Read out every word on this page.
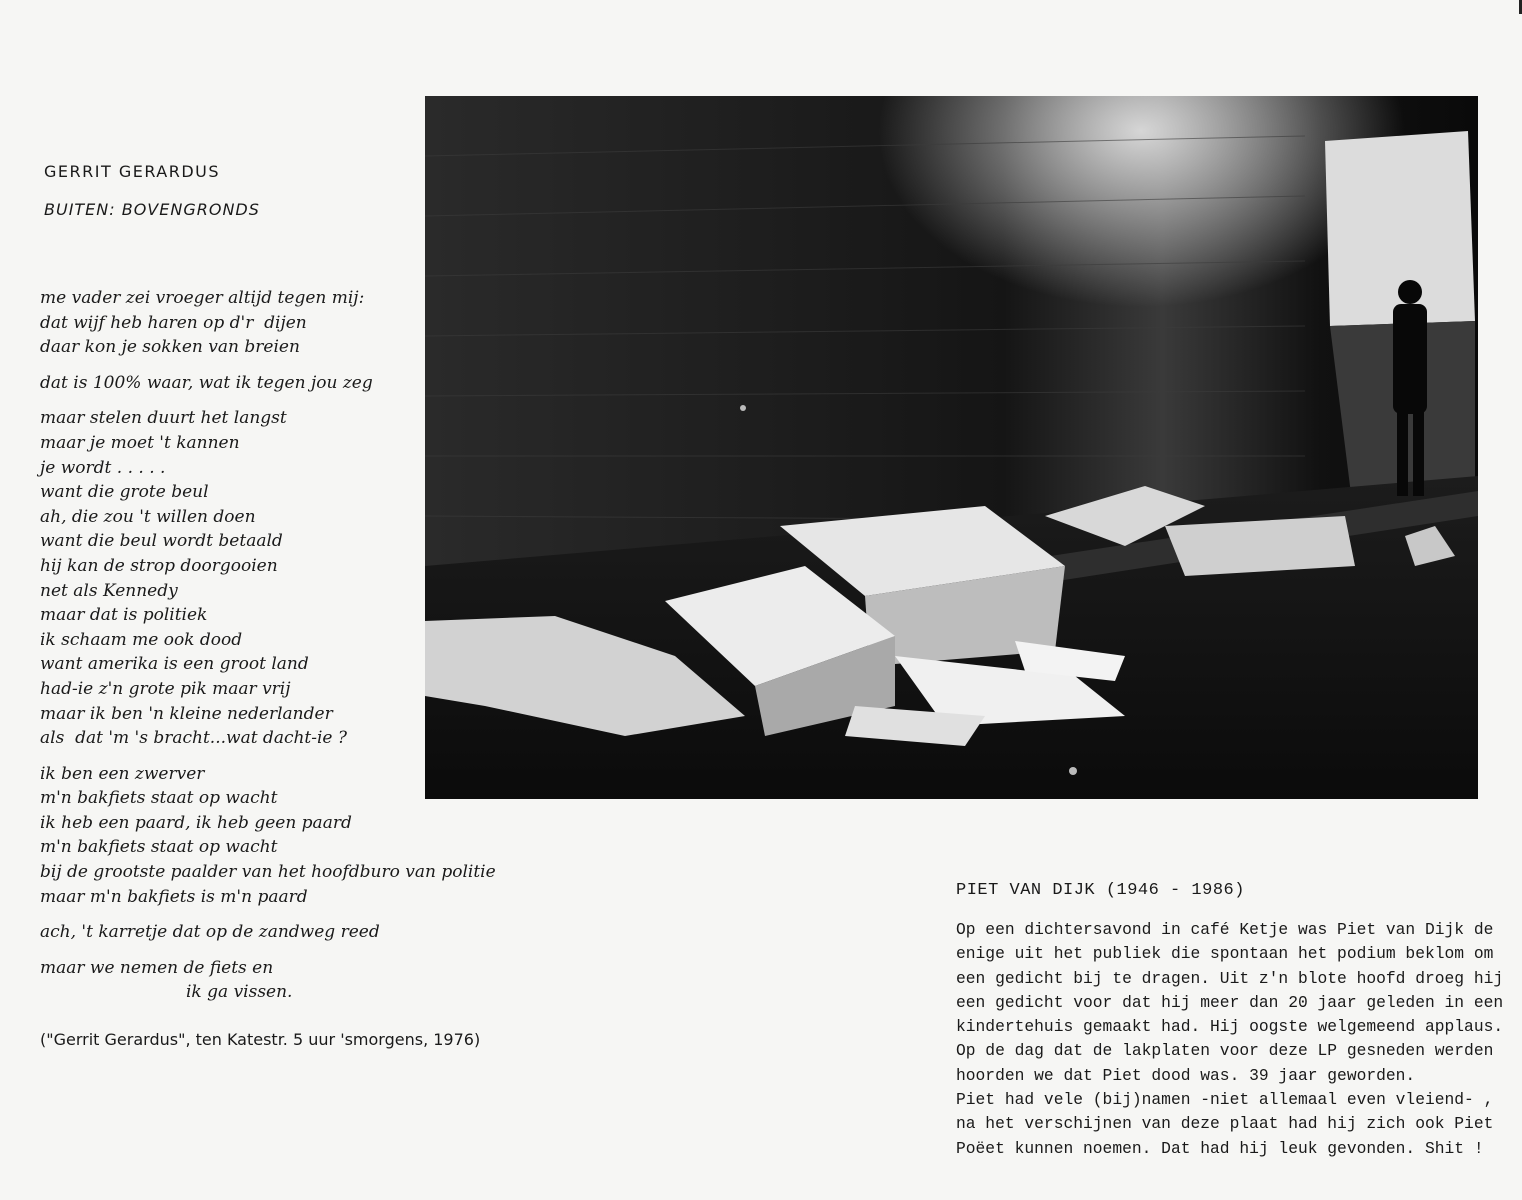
GERRIT GERARDUS
BUITEN: BOVENGRONDS
me vader zei vroeger altijd tegen mij:
dat wijf heb haren op d'r  dijen
daar kon je sokken van breien
dat is 100% waar, wat ik tegen jou zeg
maar stelen duurt het langst
maar je moet 't kannen
je wordt . . . . .
want die grote beul
ah, die zou 't willen doen
want die beul wordt betaald
hij kan de strop doorgooien
net als Kennedy
maar dat is politiek
ik schaam me ook dood
want amerika is een groot land
had-ie z'n grote pik maar vrij
maar ik ben 'n kleine nederlander
als  dat 'm 's bracht...wat dacht-ie ?
ik ben een zwerver
m'n bakfiets staat op wacht
ik heb een paard, ik heb geen paard
m'n bakfiets staat op wacht
bij de grootste paalder van het hoofdburo van politie
maar m'n bakfiets is m'n paard
ach, 't karretje dat op de zandweg reed
maar we nemen de fiets en
ik ga vissen.
("Gerrit Gerardus", ten Katestr. 5 uur 'smorgens, 1976)
PIET VAN DIJK (1946 - 1986)
Op een dichtersavond in café Ketje was Piet van Dijk de
enige uit het publiek die spontaan het podium beklom om
een gedicht bij te dragen. Uit z'n blote hoofd droeg hij
een gedicht voor dat hij meer dan 20 jaar geleden in een
kindertehuis gemaakt had. Hij oogste welgemeend applaus.
Op de dag dat de lakplaten voor deze LP gesneden werden
hoorden we dat Piet dood was. 39 jaar geworden.
Piet had vele (bij)namen -niet allemaal even vleiend- ,
na het verschijnen van deze plaat had hij zich ook Piet
Poëet kunnen noemen. Dat had hij leuk gevonden. Shit !
